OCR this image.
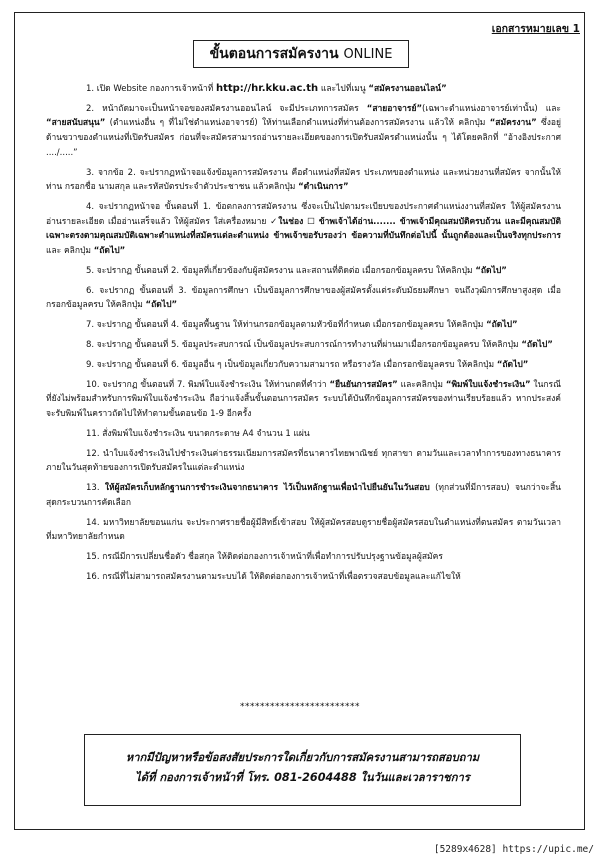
เอกสารหมายเลข 1
ขั้นตอนการสมัครงาน ONLINE
1. เปิด Website กองการเจ้าหน้าที่ http://hr.kku.ac.th และไปที่เมนู “สมัครงานออนไลน์”
2. หน้าถัดมาจะเป็นหน้าจอของสมัครงานออนไลน์ จะมีประเภทการสมัคร “สายอาจารย์”(เฉพาะตำแหน่งอาจารย์เท่านั้น) และ “สายสนับสนุน” (ตำแหน่งอื่น ๆ ที่ไม่ใช่ตำแหน่งอาจารย์) ให้ท่านเลือกตำแหน่งที่ท่านต้องการสมัครงาน แล้วให้ คลิกปุ่ม “สมัครงาน” ซึ่งอยู่ด้านขวาของตำแหน่งที่เปิดรับสมัคร ก่อนที่จะสมัครสามารถอ่านรายละเอียดของการเปิดรับสมัครตำแหน่งนั้น ๆ ได้โดยคลิกที่ “อ้างอิงประกาศ ..../.....”
3. จากข้อ 2. จะปรากฏหน้าจอแจ้งข้อมูลการสมัครงาน คือตำแหน่งที่สมัคร ประเภทของตำแหน่ง และหน่วยงานที่สมัคร จากนั้นให้ท่าน กรอกชื่อ นามสกุล และรหัสบัตรประจำตัวประชาชน แล้วคลิกปุ่ม “ดำเนินการ”
4. จะปรากฏหน้าจอ ขั้นตอนที่ 1. ข้อตกลงการสมัครงาน ซึ่งจะเป็นไปตามระเบียบของประกาศตำแหน่งงานที่สมัคร ให้ผู้สมัครงานอ่านรายละเอียด เมื่ออ่านเสร็จแล้ว ให้ผู้สมัคร ใส่เครื่องหมาย ✓ในช่อง ☐ ข้าพเจ้าได้อ่าน....... ข้าพเจ้ามีคุณสมบัติครบถ้วน และมีคุณสมบัติเฉพาะตรงตามคุณสมบัติเฉพาะตำแหน่งที่สมัครแต่ละตำแหน่ง ข้าพเจ้าขอรับรองว่า ข้อความที่บันทึกต่อไปนี้ นั้นถูกต้องและเป็นจริงทุกประการ และ คลิกปุ่ม “ถัดไป”
5. จะปรากฏ ขั้นตอนที่ 2. ข้อมูลที่เกี่ยวข้องกับผู้สมัครงาน และสถานที่ติดต่อ เมื่อกรอกข้อมูลครบ ให้คลิกปุ่ม “ถัดไป”
6. จะปรากฏ ขั้นตอนที่ 3. ข้อมูลการศึกษา เป็นข้อมูลการศึกษาของผู้สมัครตั้งแต่ระดับมัธยมศึกษา จนถึงวุฒิการศึกษาสูงสุด เมื่อกรอกข้อมูลครบ ให้คลิกปุ่ม “ถัดไป”
7. จะปรากฏ ขั้นตอนที่ 4. ข้อมูลพื้นฐาน ให้ท่านกรอกข้อมูลตามหัวข้อที่กำหนด เมื่อกรอกข้อมูลครบ ให้คลิกปุ่ม “ถัดไป”
8. จะปรากฏ ขั้นตอนที่ 5. ข้อมูลประสบการณ์ เป็นข้อมูลประสบการณ์การทำงานที่ผ่านมาเมื่อกรอกข้อมูลครบ ให้คลิกปุ่ม “ถัดไป”
9. จะปรากฏ ขั้นตอนที่ 6. ข้อมูลอื่น ๆ เป็นข้อมูลเกี่ยวกับความสามารถ หรือรางวัล เมื่อกรอกข้อมูลครบ ให้คลิกปุ่ม “ถัดไป”
10. จะปรากฏ ขั้นตอนที่ 7. พิมพ์ใบแจ้งชำระเงิน ให้ท่านกดที่คำว่า “ยืนยันการสมัคร” และคลิกปุ่ม “พิมพ์ใบแจ้งชำระเงิน” ในกรณีที่ยังไม่พร้อมสำหรับการพิมพ์ใบแจ้งชำระเงิน ถือว่าแจ้งสิ้นขั้นตอนการสมัคร ระบบได้บันทึกข้อมูลการสมัครของท่านเรียบร้อยแล้ว หากประสงค์จะรับพิมพ์ในคราวถัดไปให้ทำตามขั้นตอนข้อ 1-9 อีกครั้ง
11. สั่งพิมพ์ใบแจ้งชำระเงิน ขนาดกระดาษ A4 จำนวน 1 แผ่น
12. นำใบแจ้งชำระเงินไปชำระเงินค่าธรรมเนียมการสมัครที่ธนาคารไทยพาณิชย์ ทุกสาขา ตามวันและเวลาทำการของทางธนาคาร ภายในวันสุดท้ายของการเปิดรับสมัครในแต่ละตำแหน่ง
13. ให้ผู้สมัครเก็บหลักฐานการชำระเงินจากธนาคาร ไว้เป็นหลักฐานเพื่อนำไปยืนยันในวันสอบ (ทุกส่วนที่มีการสอบ) จนกว่าจะสิ้นสุดกระบวนการคัดเลือก
14. มหาวิทยาลัยขอนแก่น จะประกาศรายชื่อผู้มีสิทธิ์เข้าสอบ ให้ผู้สมัครสอบดูรายชื่อผู้สมัครสอบในตำแหน่งที่ตนสมัคร ตามวันเวลาที่มหาวิทยาลัยกำหนด
15. กรณีมีการเปลี่ยนชื่อตัว ชื่อสกุล ให้ติดต่อกองการเจ้าหน้าที่เพื่อทำการปรับปรุงฐานข้อมูลผู้สมัคร
16. กรณีที่ไม่สามารถสมัครงานตามระบบได้ ให้ติดต่อกองการเจ้าหน้าที่เพื่อตรวจสอบข้อมูลและแก้ไขให้
************************
หากมีปัญหาหรือข้อสงสัยประการใดเกี่ยวกับการสมัครงานสามารถสอบถาม
ได้ที่ กองการเจ้าหน้าที่ โทร. 081-2604488 ในวันและเวลาราชการ
[5289x4628] https://upic.me/
